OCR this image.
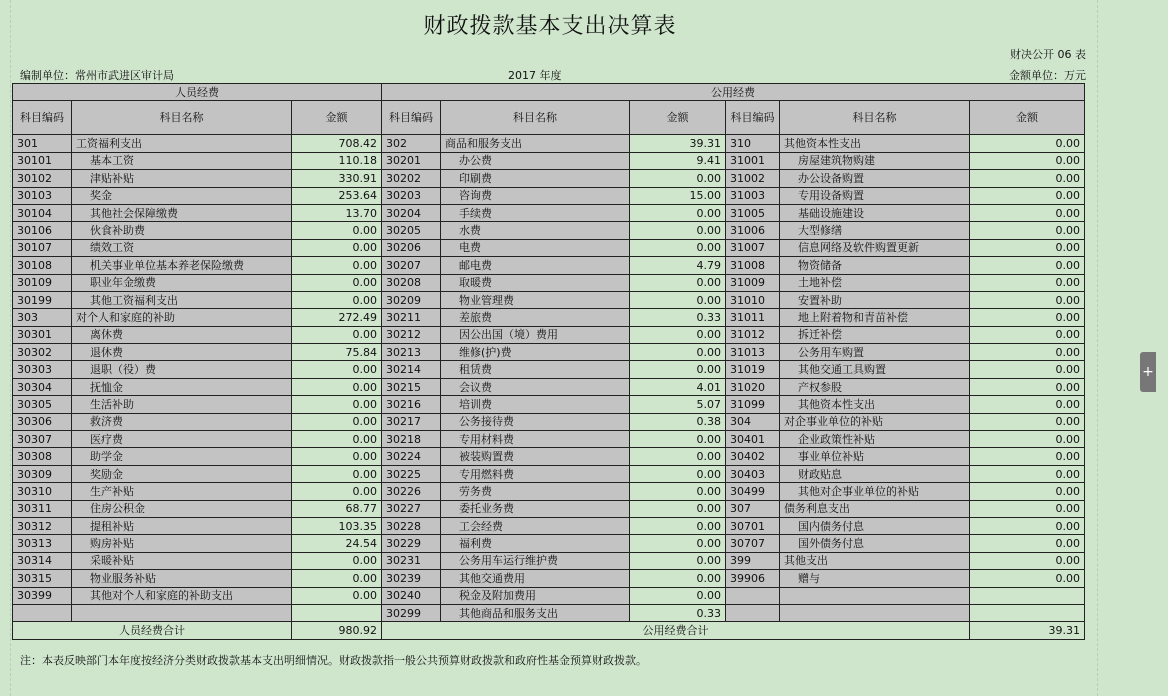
财政拨款基本支出决算表
财决公开 06 表
编制单位：常州市武进区审计局	2017 年度	金额单位：万元
人员经费			公用经费					
科目编码	科目名称	金额	科目编码	科目名称	金额	科目编码	科目名称	金额
301	工资福利支出	708.42	302	商品和服务支出	39.31	310	其他资本性支出	0.00
30101	基本工资	110.18	30201	办公费	9.41	31001	房屋建筑物购建	0.00
30102	津贴补贴	330.91	30202	印刷费	0.00	31002	办公设备购置	0.00
30103	奖金	253.64	30203	咨询费	15.00	31003	专用设备购置	0.00
30104	其他社会保障缴费	13.70	30204	手续费	0.00	31005	基础设施建设	0.00
30106	伙食补助费	0.00	30205	水费	0.00	31006	大型修缮	0.00
30107	绩效工资	0.00	30206	电费	0.00	31007	信息网络及软件购置更新	0.00
30108	机关事业单位基本养老保险缴费	0.00	30207	邮电费	4.79	31008	物资储备	0.00
30109	职业年金缴费	0.00	30208	取暖费	0.00	31009	土地补偿	0.00
30199	其他工资福利支出	0.00	30209	物业管理费	0.00	31010	安置补助	0.00
303	对个人和家庭的补助	272.49	30211	差旅费	0.33	31011	地上附着物和青苗补偿	0.00
30301	离休费	0.00	30212	因公出国（境）费用	0.00	31012	拆迁补偿	0.00
30302	退休费	75.84	30213	维修(护)费	0.00	31013	公务用车购置	0.00
30303	退职（役）费	0.00	30214	租赁费	0.00	31019	其他交通工具购置	0.00
30304	抚恤金	0.00	30215	会议费	4.01	31020	产权参股	0.00
30305	生活补助	0.00	30216	培训费	5.07	31099	其他资本性支出	0.00
30306	救济费	0.00	30217	公务接待费	0.38	304	对企事业单位的补贴	0.00
30307	医疗费	0.00	30218	专用材料费	0.00	30401	企业政策性补贴	0.00
30308	助学金	0.00	30224	被装购置费	0.00	30402	事业单位补贴	0.00
30309	奖励金	0.00	30225	专用燃料费	0.00	30403	财政贴息	0.00
30310	生产补贴	0.00	30226	劳务费	0.00	30499	其他对企事业单位的补贴	0.00
30311	住房公积金	68.77	30227	委托业务费	0.00	307	债务利息支出	0.00
30312	提租补贴	103.35	30228	工会经费	0.00	30701	国内债务付息	0.00
30313	购房补贴	24.54	30229	福利费	0.00	30707	国外债务付息	0.00
30314	采暖补贴	0.00	30231	公务用车运行维护费	0.00	399	其他支出	0.00
30315	物业服务补贴	0.00	30239	其他交通费用	0.00	39906	赠与	0.00
30399	其他对个人和家庭的补助支出	0.00	30240	税金及附加费用	0.00			
			30299	其他商品和服务支出	0.33			
人员经费合计		980.92	公用经费合计					39.31
注：本表反映部门本年度按经济分类财政拨款基本支出明细情况。财政拨款指一般公共预算财政拨款和政府性基金预算财政拨款。
+
